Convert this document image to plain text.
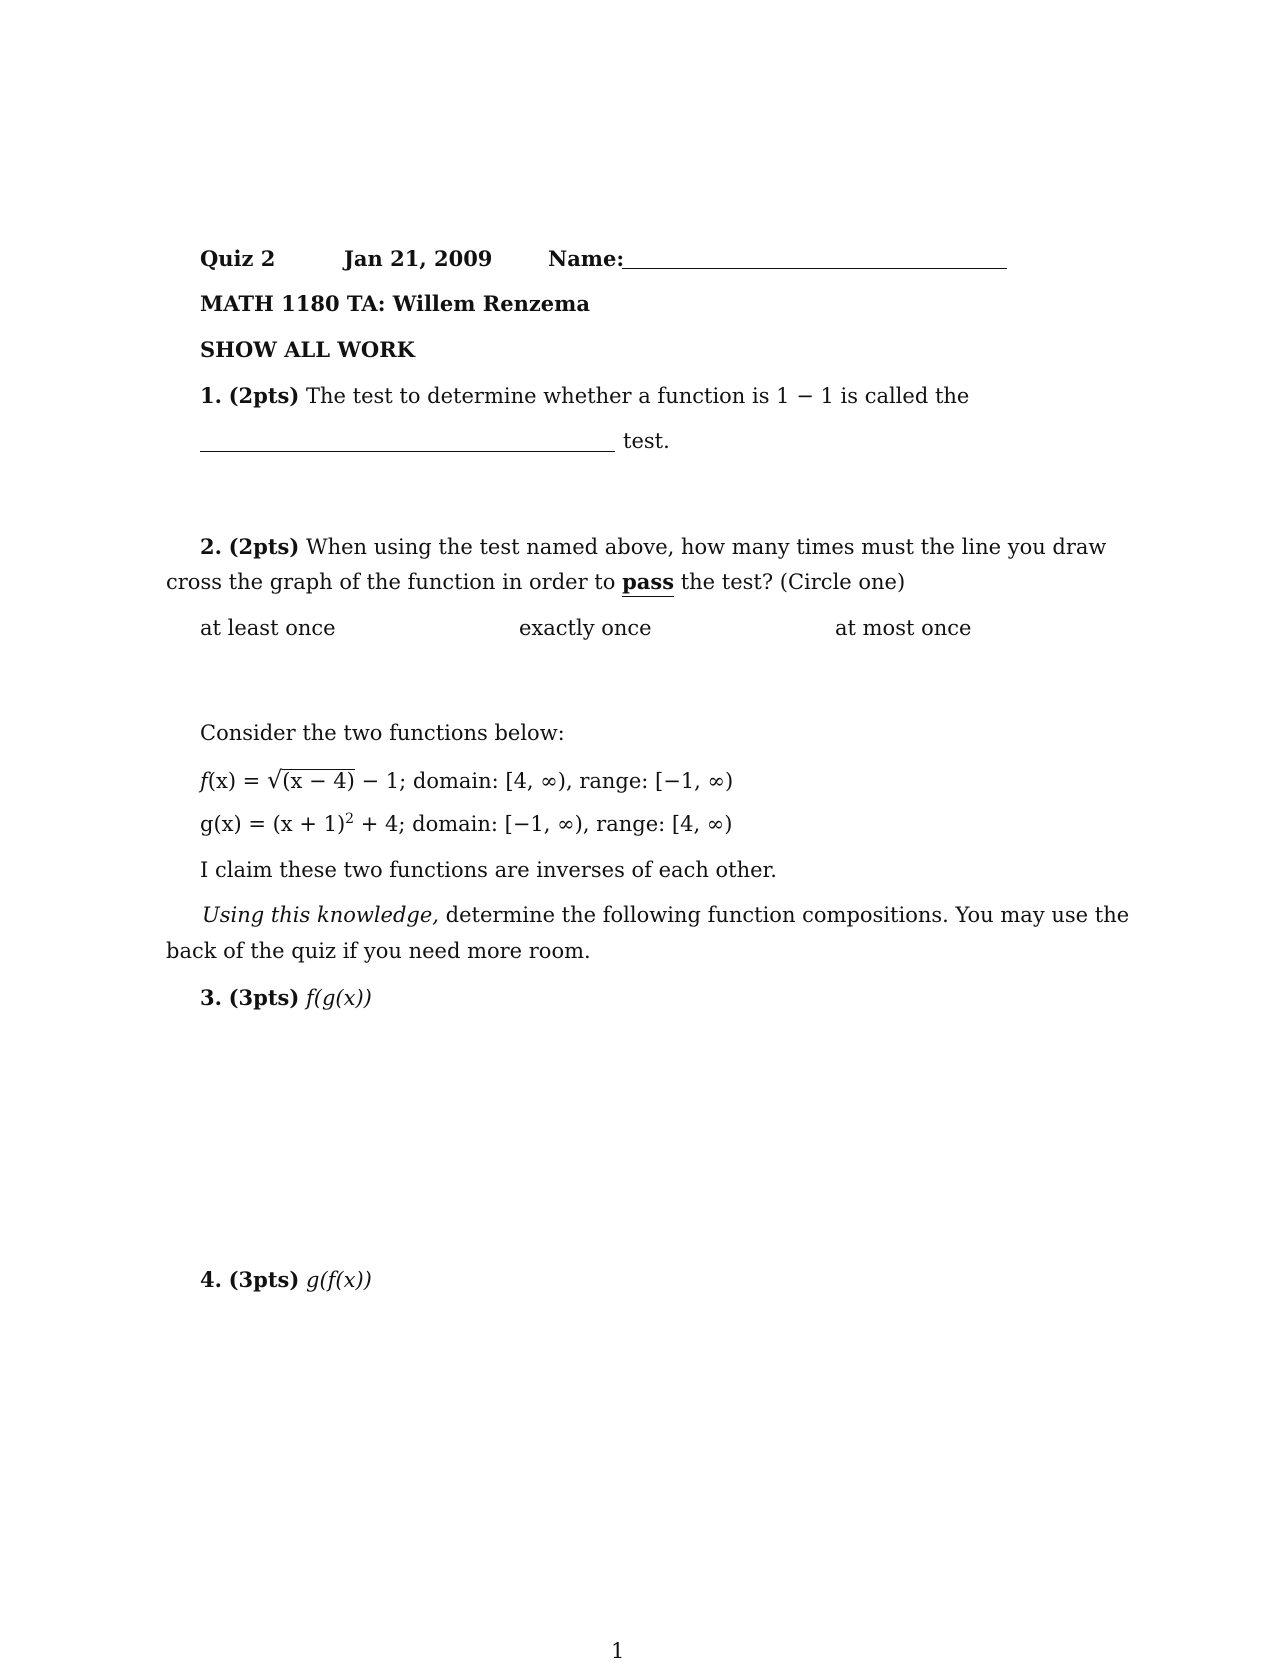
Quiz 2	Jan 21, 2009	Name:
MATH 1180 TA: Willem Renzema
SHOW ALL WORK
1. (2pts) The test to determine whether a function is 1 − 1 is called the
test.
2. (2pts) When using the test named above, how many times must the line you draw
cross the graph of the function in order to pass the test? (Circle one)
at least once	exactly once	at most once
Consider the two functions below:
f(x) = √(x − 4) − 1; domain: [4, ∞), range: [−1, ∞)
$g(x) = (x + 1)^2 + 4$; domain: [−1, ∞), range: [4, ∞)
I claim these two functions are inverses of each other.
Using this knowledge, determine the following function compositions. You may use the
back of the quiz if you need more room.
3. (3pts) f(g(x))
4. (3pts) g(f(x))
1
